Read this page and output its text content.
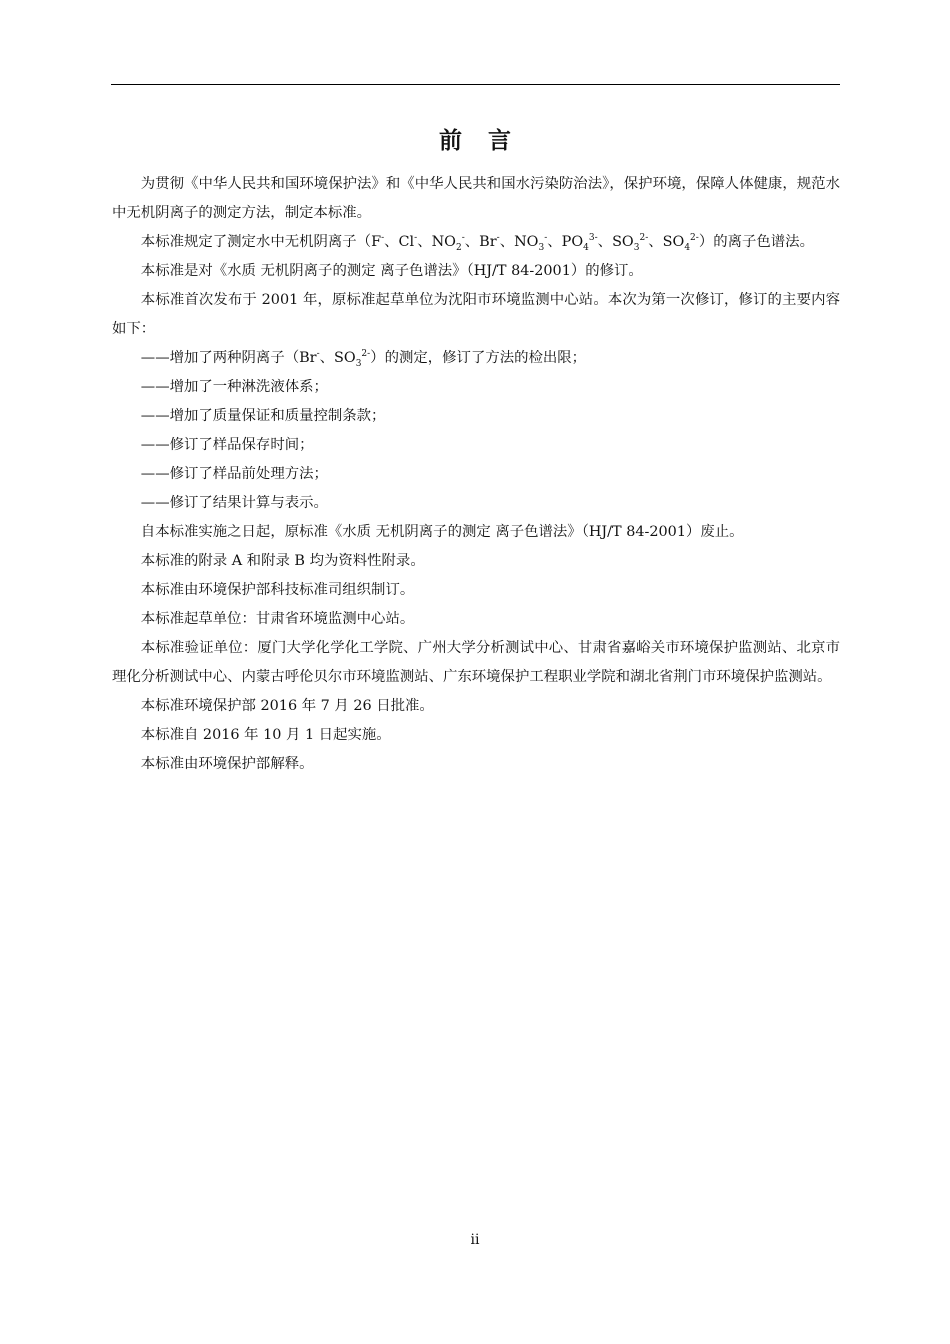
前言

为贯彻《中华人民共和国环境保护法》和《中华人民共和国水污染防治法》，保护环境，保障人体健康，规范水中无机阴离子的测定方法，制定本标准。

本标准规定了测定水中无机阴离子（F-、Cl-、$NO_2^-$、Br-、$NO_3^-$、$PO_4^{3-}$、$SO_3^{2-}$、$SO_4^{2-}$）的离子色谱法。

本标准是对《水质 无机阴离子的测定 离子色谱法》（HJ/T 84-2001）的修订。

本标准首次发布于 2001 年，原标准起草单位为沈阳市环境监测中心站。本次为第一次修订，修订的主要内容如下：

——增加了两种阴离子（Br-、$SO_3^{2-}$）的测定，修订了方法的检出限；

——增加了一种淋洗液体系；

——增加了质量保证和质量控制条款；

——修订了样品保存时间；

——修订了样品前处理方法；

——修订了结果计算与表示。

自本标准实施之日起，原标准《水质 无机阴离子的测定 离子色谱法》（HJ/T 84-2001）废止。

本标准的附录 A 和附录 B 均为资料性附录。

本标准由环境保护部科技标准司组织制订。

本标准起草单位：甘肃省环境监测中心站。

本标准验证单位：厦门大学化学化工学院、广州大学分析测试中心、甘肃省嘉峪关市环境保护监测站、北京市理化分析测试中心、内蒙古呼伦贝尔市环境监测站、广东环境保护工程职业学院和湖北省荆门市环境保护监测站。

本标准环境保护部 2016 年 7 月 26 日批准。

本标准自 2016 年 10 月 1 日起实施。

本标准由环境保护部解释。

ii
